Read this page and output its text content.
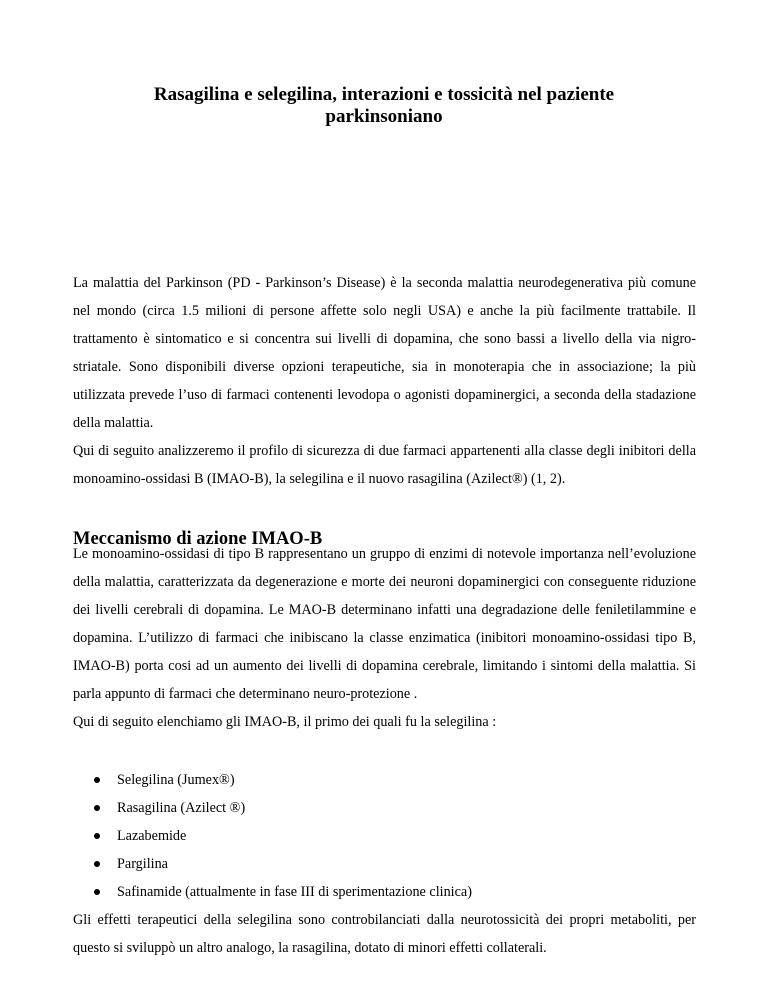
Rasagilina e selegilina, interazioni e tossicità nel paziente parkinsoniano

Qui di seguito analizzeremo il profilo di sicurezza di due farmaci appartenenti alla classe degli inibitori della monoamino-ossidasi B (IMAO-B), la selegilina e il nuovo rasagilina (Azilect®) (1, 2).

La malattia del Parkinson (PD - Parkinson’s Disease) è la seconda malattia neurodegenerativa più comune nel mondo (circa 1.5 milioni di persone affette solo negli USA) e anche la più facilmente trattabile. Il trattamento è sintomatico e si concentra sui livelli di dopamina, che sono bassi a livello della via nigro-striatale. Sono disponibili diverse opzioni terapeutiche, sia in monoterapia che in associazione; la più utilizzata prevede l’uso di farmaci contenenti levodopa o agonisti dopaminergici, a seconda della stadazione della malattia.

Meccanismo di azione IMAO-B

Le monoamino-ossidasi di tipo B rappresentano un gruppo di enzimi di notevole importanza nell’evoluzione della malattia, caratterizzata da degenerazione e morte dei neuroni dopaminergici con conseguente riduzione dei livelli cerebrali di dopamina. Le MAO-B determinano infatti una degradazione delle feniletilammine e dopamina. L’utilizzo di farmaci che inibiscano la classe enzimatica (inibitori monoamino-ossidasi tipo B, IMAO-B) porta cosi ad un aumento dei livelli di dopamina cerebrale, limitando i sintomi della malattia. Si parla appunto di farmaci che determinano neuro-protezione .

Qui di seguito elenchiamo gli IMAO-B, il primo dei quali fu la selegilina :

Selegilina (Jumex®)
Rasagilina (Azilect ®)
Lazabemide
Pargilina
Safinamide (attualmente in fase III di sperimentazione clinica)

Gli effetti terapeutici della selegilina sono controbilanciati dalla neurotossicità dei propri metaboliti, per questo si sviluppò un altro analogo, la rasagilina, dotato di minori effetti collaterali.
